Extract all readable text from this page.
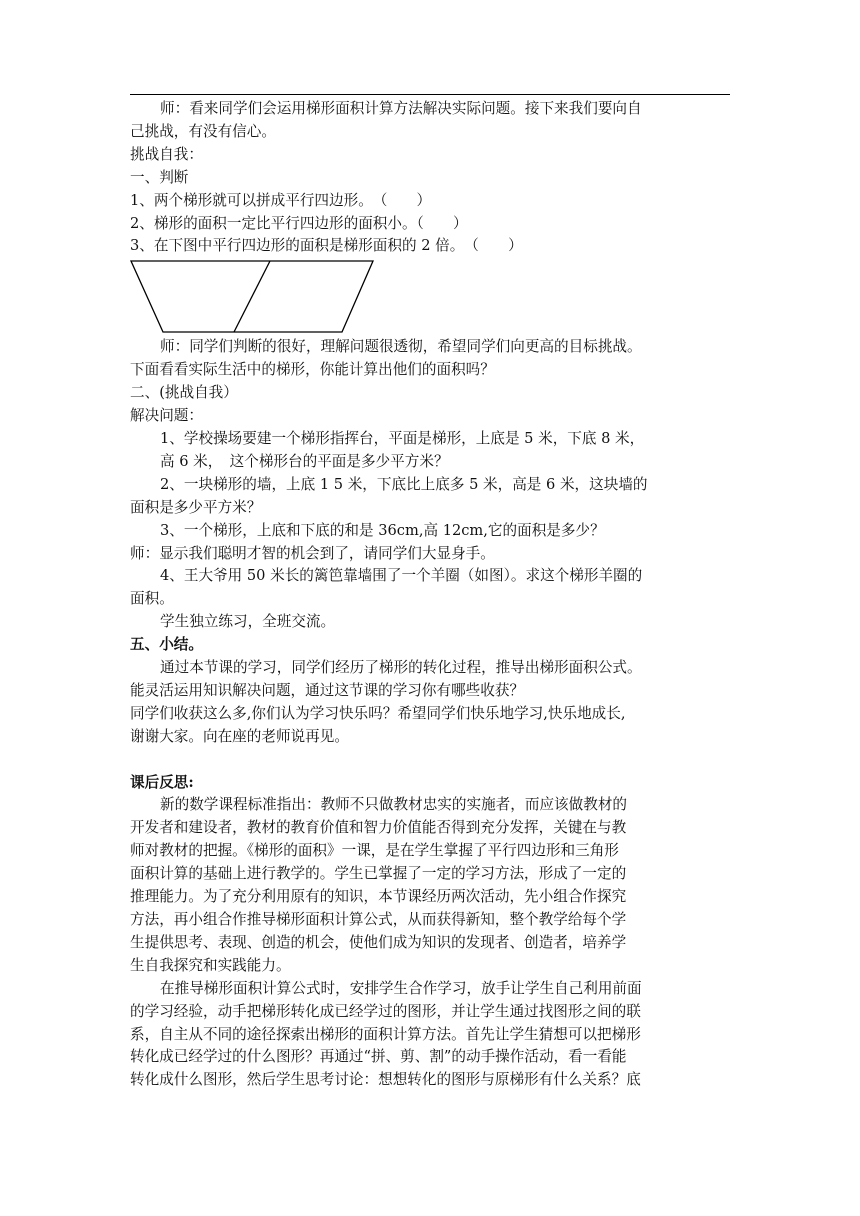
师：看来同学们会运用梯形面积计算方法解决实际问题。接下来我们要向自

己挑战，有没有信心。

挑战自我：

一、判断

1、两个梯形就可以拼成平行四边形。　（　　）

2、梯形的面积一定比平行四边形的面积小。（　　）

3、在下图中平行四边形的面积是梯形面积的 2 倍。　（　　）

师：同学们判断的很好，理解问题很透彻，希望同学们向更高的目标挑战。

下面看看实际生活中的梯形，你能计算出他们的面积吗？

二、(挑战自我）

解决问题：

1、学校操场要建一个梯形指挥台，平面是梯形，上底是 5 米，下底 8 米，

高 6 米，　这个梯形台的平面是多少平方米？

2、一块梯形的墙，上底 1 5 米，下底比上底多 5 米，高是 6 米，这块墙的

面积是多少平方米？

3、一个梯形，上底和下底的和是 36cm,高 12cm,它的面积是多少？

师：显示我们聪明才智的机会到了，请同学们大显身手。

4、王大爷用 50 米长的篱笆靠墙围了一个羊圈（如图）。求这个梯形羊圈的

面积。

学生独立练习，全班交流。

五、小结。

通过本节课的学习，同学们经历了梯形的转化过程，推导出梯形面积公式。

能灵活运用知识解决问题，通过这节课的学习你有哪些收获？

同学们收获这么多,你们认为学习快乐吗？希望同学们快乐地学习,快乐地成长,

谢谢大家。向在座的老师说再见。

课后反思:

新的数学课程标准指出：教师不只做教材忠实的实施者，而应该做教材的

开发者和建设者，教材的教育价值和智力价值能否得到充分发挥，关键在与教

师对教材的把握。《梯形的面积》一课，是在学生掌握了平行四边形和三角形

面积计算的基础上进行教学的。学生已掌握了一定的学习方法，形成了一定的

推理能力。为了充分利用原有的知识，本节课经历两次活动，先小组合作探究

方法，再小组合作推导梯形面积计算公式，从而获得新知，整个教学给每个学

生提供思考、表现、创造的机会，使他们成为知识的发现者、创造者，培养学

生自我探究和实践能力。

在推导梯形面积计算公式时，安排学生合作学习，放手让学生自己利用前面

的学习经验，动手把梯形转化成已经学过的图形，并让学生通过找图形之间的联

系，自主从不同的途径探索出梯形的面积计算方法。首先让学生猜想可以把梯形

转化成已经学过的什么图形？再通过“拼、剪、割”的动手操作活动，看一看能

转化成什么图形，然后学生思考讨论：想想转化的图形与原梯形有什么关系？底
